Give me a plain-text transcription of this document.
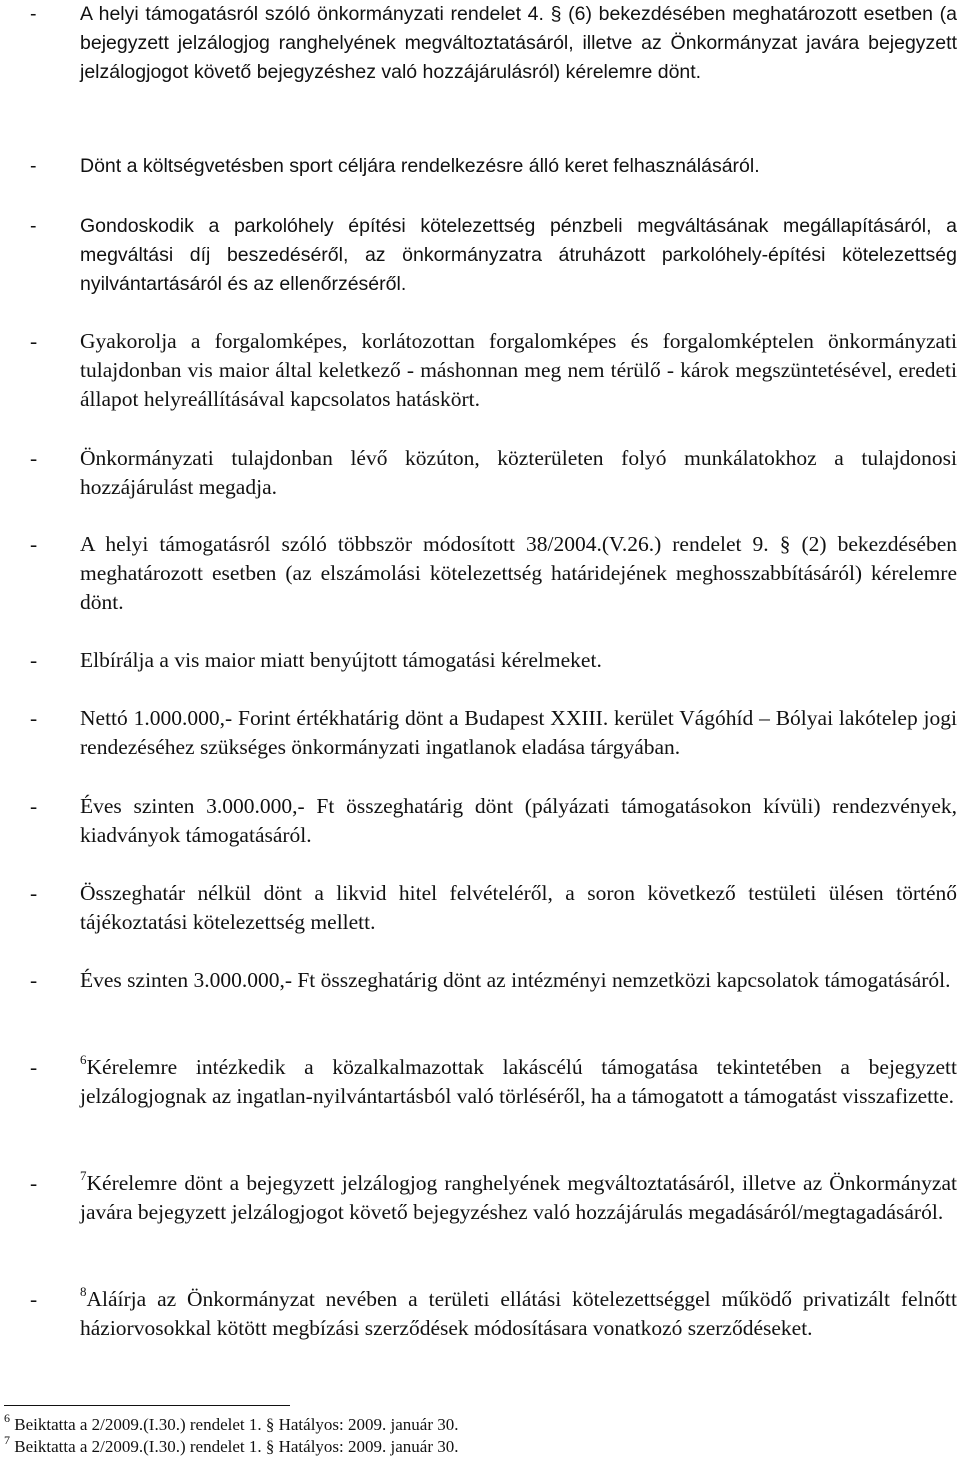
- A helyi támogatásról szóló önkormányzati rendelet 4. § (6) bekezdésében meghatározott esetben (a bejegyzett jelzálogjog ranghelyének megváltoztatásáról, illetve az Önkormányzat javára bejegyzett jelzálogjogot követő bejegyzéshez való hozzájárulásról) kérelemre dönt.
- Dönt a költségvetésben sport céljára rendelkezésre álló keret felhasználásáról.
- Gondoskodik a parkolóhely építési kötelezettség pénzbeli megváltásának megállapításáról, a megváltási díj beszedéséről, az önkormányzatra átruházott parkolóhely-építési kötelezettség nyilvántartásáról és az ellenőrzéséről.
- Gyakorolja a forgalomképes, korlátozottan forgalomképes és forgalomképtelen önkormányzati tulajdonban vis maior által keletkező - máshonnan meg nem térülő - károk megszüntetésével, eredeti állapot helyreállításával kapcsolatos hatáskört.
- Önkormányzati tulajdonban lévő közúton, közterületen folyó munkálatokhoz a tulajdonosi hozzájárulást megadja.
- A helyi támogatásról szóló többször módosított 38/2004.(V.26.) rendelet 9. § (2) bekezdésében meghatározott esetben (az elszámolási kötelezettség határidejének meghosszabbításáról) kérelemre dönt.
- Elbírálja a vis maior miatt benyújtott támogatási kérelmeket.
- Nettó 1.000.000,- Forint értékhatárig dönt a Budapest XXIII. kerület Vágóhíd – Bólyai lakótelep jogi rendezéséhez szükséges önkormányzati ingatlanok eladása tárgyában.
- Éves szinten 3.000.000,- Ft összeghatárig dönt (pályázati támogatásokon kívüli) rendezvények, kiadványok támogatásáról.
- Összeghatár nélkül dönt a likvid hitel felvételéről, a soron következő testületi ülésen történő tájékoztatási kötelezettség mellett.
- Éves szinten 3.000.000,- Ft összeghatárig dönt az intézményi nemzetközi kapcsolatok támogatásáról.
-	$^6$Kérelemre intézkedik a közalkalmazottak lakáscélú támogatása tekintetében a bejegyzett jelzálogjognak az ingatlan-nyilvántartásból való törléséről, ha a támogatott a támogatást visszafizette.
-	$^7$Kérelemre dönt a bejegyzett jelzálogjog ranghelyének megváltoztatásáról, illetve az Önkormányzat javára bejegyzett jelzálogjogot követő bejegyzéshez való hozzájárulás megadásáról/megtagadásáról.
-	$^8$Aláírja az Önkormányzat nevében a területi ellátási kötelezettséggel működő privatizált felnőtt háziorvosokkal kötött megbízási szerződések módosításara vonatkozó szerződéseket.
$^6$ Beiktatta a 2/2009.(I.30.) rendelet 1. § Hatályos: 2009. január 30.
$^7$ Beiktatta a 2/2009.(I.30.) rendelet 1. § Hatályos: 2009. január 30.
